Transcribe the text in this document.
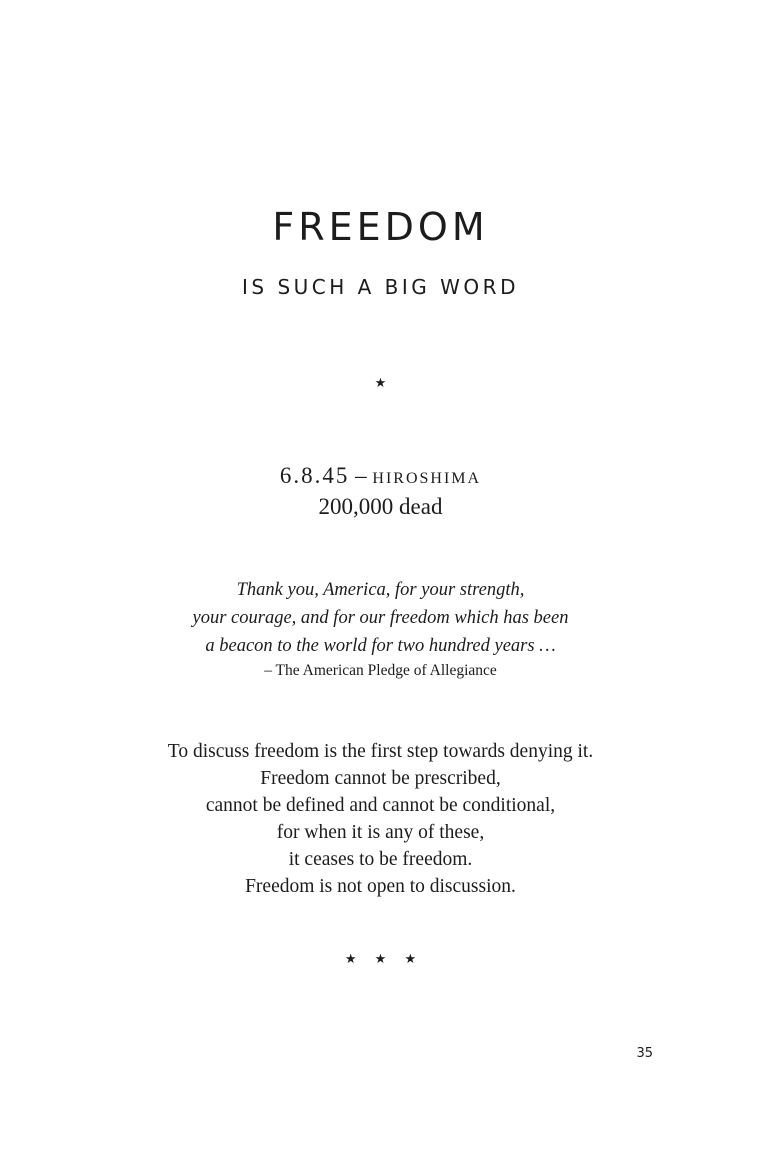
FREEDOM
IS SUCH A BIG WORD
★
6.8.45 – hiroshima
200,000 dead
Thank you, America, for your strength,
your courage, and for our freedom which has been
a beacon to the world for two hundred years …
– The American Pledge of Allegiance
To discuss freedom is the first step towards denying it.
Freedom cannot be prescribed,
cannot be defined and cannot be conditional,
for when it is any of these,
it ceases to be freedom.
Freedom is not open to discussion.
★ ★ ★
35
